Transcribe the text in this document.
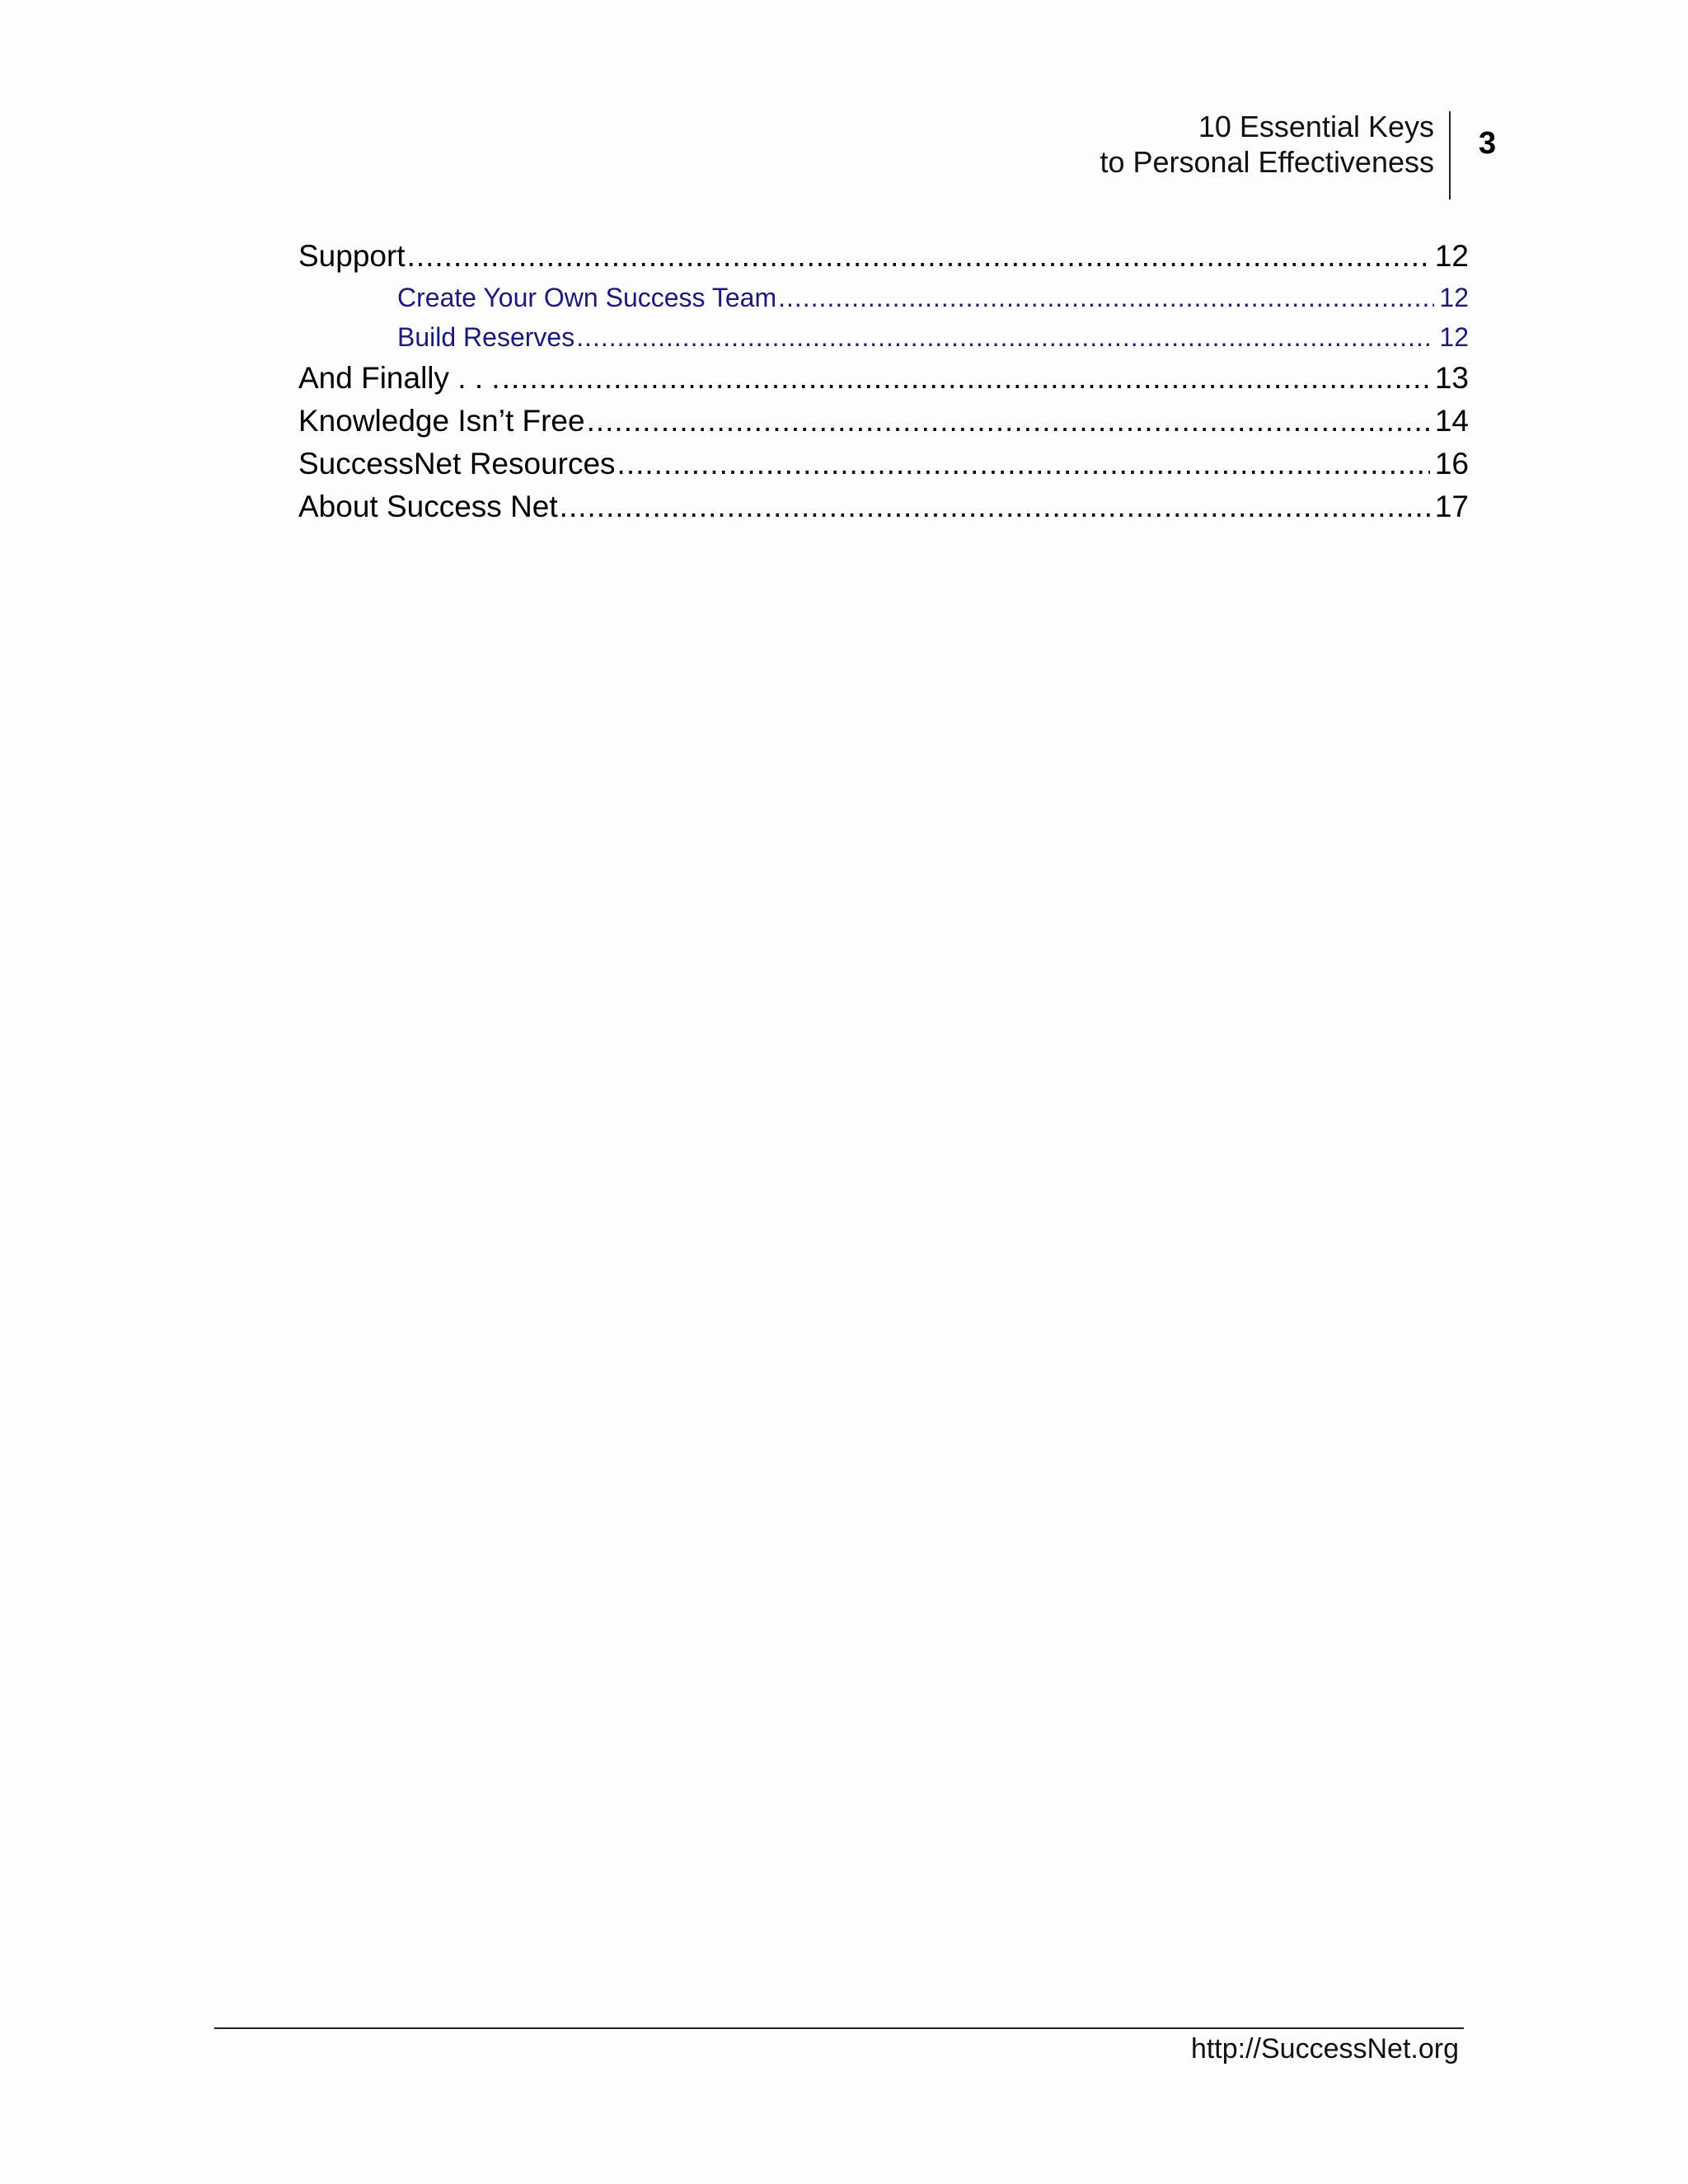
10 Essential Keys
to Personal Effectiveness
3
Support .....	12
Create Your Own Success Team .....	12
Build Reserves .....	12
And Finally . . . .....	13
Knowledge Isn’t Free .....	14
SuccessNet Resources .....	16
About Success Net .....	17
http://SuccessNet.org
